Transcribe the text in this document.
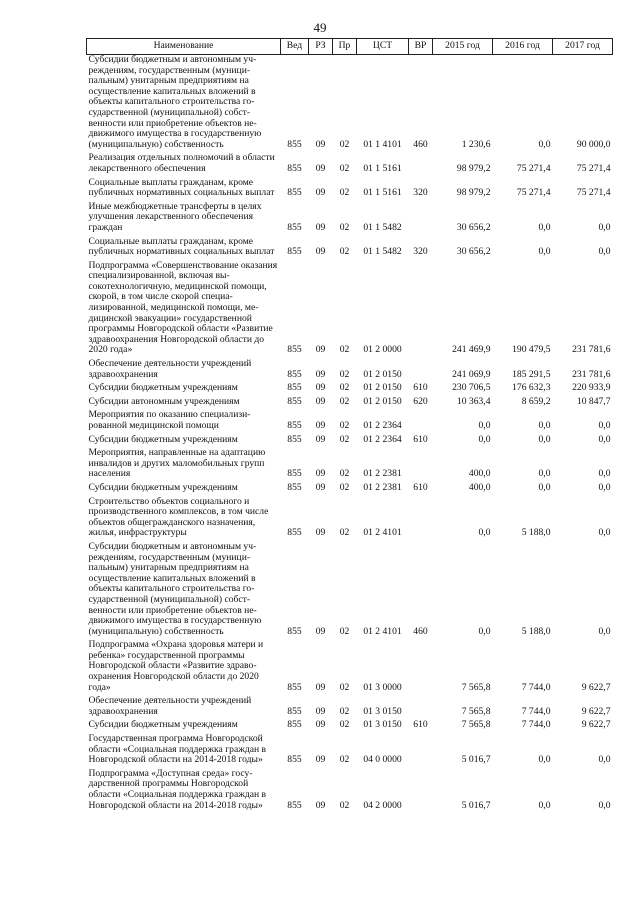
49
Наименование	Вед	РЗ	Пр	ЦСТ	ВР	2015 год	2016 год	2017 год
Субсидии бюджетным и автономным учреждениям, государственным (муниципальным) унитарным предприятиям на осуществление капитальных вложений в объекты капитального строительства государственной (муниципальной) собственности или приобретение объектов недвижимого имущества в государственную (муниципальную) собственность	855	09	02	01 1 4101	460	1 230,6	0,0	90 000,0
Реализация отдельных полномочий в области лекарственного обеспечения	855	09	02	01 1 5161		98 979,2	75 271,4	75 271,4
Социальные выплаты гражданам, кроме публичных нормативных социальных выплат	855	09	02	01 1 5161	320	98 979,2	75 271,4	75 271,4
Иные межбюджетные трансферты в целях улучшения лекарственного обеспечения граждан	855	09	02	01 1 5482		30 656,2	0,0	0,0
Социальные выплаты гражданам, кроме публичных нормативных социальных выплат	855	09	02	01 1 5482	320	30 656,2	0,0	0,0
Подпрограмма «Совершенствование оказания специализированной, включая высокотехнологичную, медицинской помощи, скорой, в том числе скорой специализированной, медицинской помощи, медицинской эвакуации» государственной программы Новгородской области «Развитие здравоохранения Новгородской области до 2020 года»	855	09	02	01 2 0000		241 469,9	190 479,5	231 781,6
Обеспечение деятельности учреждений здравоохранения	855	09	02	01 2 0150		241 069,9	185 291,5	231 781,6
Субсидии бюджетным учреждениям	855	09	02	01 2 0150	610	230 706,5	176 632,3	220 933,9
Субсидии автономным учреждениям	855	09	02	01 2 0150	620	10 363,4	8 659,2	10 847,7
Мероприятия по оказанию специализированной медицинской помощи	855	09	02	01 2 2364		0,0	0,0	0,0
Субсидии бюджетным учреждениям	855	09	02	01 2 2364	610	0,0	0,0	0,0
Мероприятия, направленные на адаптацию инвалидов и других маломобильных групп населения	855	09	02	01 2 2381		400,0	0,0	0,0
Субсидии бюджетным учреждениям	855	09	02	01 2 2381	610	400,0	0,0	0,0
Строительство объектов социального и производственного комплексов, в том числе объектов общегражданского назначения, жилья, инфраструктуры	855	09	02	01 2 4101		0,0	5 188,0	0,0
Субсидии бюджетным и автономным учреждениям, государственным (муниципальным) унитарным предприятиям на осуществление капитальных вложений в объекты капитального строительства государственной (муниципальной) собственности или приобретение объектов недвижимого имущества в государственную (муниципальную) собственность	855	09	02	01 2 4101	460	0,0	5 188,0	0,0
Подпрограмма «Охрана здоровья матери и ребенка» государственной программы Новгородской области «Развитие здравоохранения Новгородской области до 2020 года»	855	09	02	01 3 0000		7 565,8	7 744,0	9 622,7
Обеспечение деятельности учреждений здравоохранения	855	09	02	01 3 0150		7 565,8	7 744,0	9 622,7
Субсидии бюджетным учреждениям	855	09	02	01 3 0150	610	7 565,8	7 744,0	9 622,7
Государственная программа Новгородской области «Социальная поддержка граждан в Новгородской области на 2014-2018 годы»	855	09	02	04 0 0000		5 016,7	0,0	0,0
Подпрограмма «Доступная среда» государственной программы Новгородской области «Социальная поддержка граждан в Новгородской области на 2014-2018 годы»	855	09	02	04 2 0000		5 016,7	0,0	0,0
